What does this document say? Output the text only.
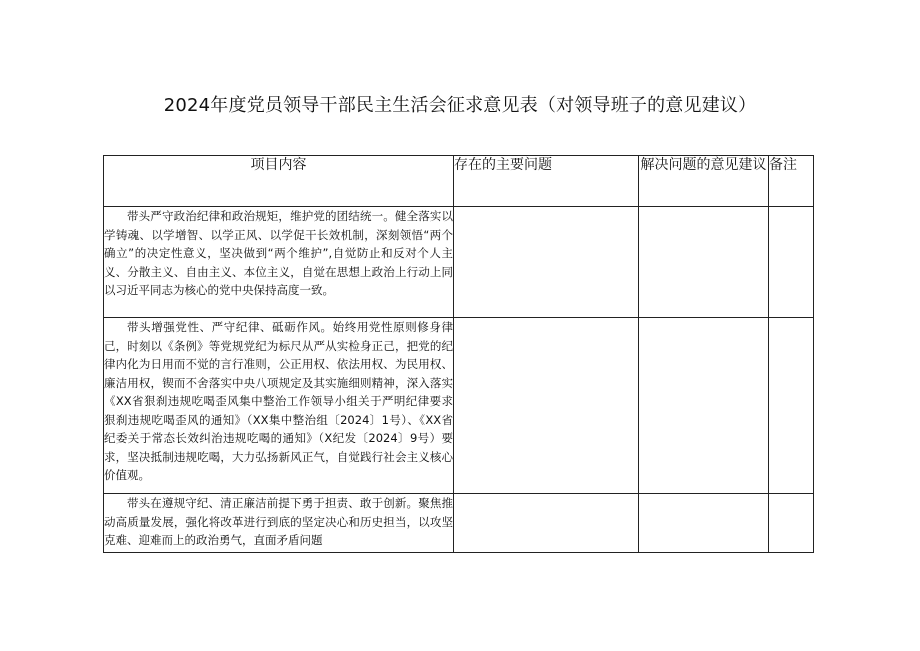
2024年度党员领导干部民主生活会征求意见表（对领导班子的意见建议）
项目内容	存在的主要问题	解决问题的意见建议	备注

带头严守政治纪律和政治规矩，维护党的团结统一。健全落实以学铸魂、以学增智、以学正风、以学促干长效机制，深刻领悟“两个确立”的决定性意义，坚决做到“两个维护”,自觉防止和反对个人主义、分散主义、自由主义、本位主义，自觉在思想上政治上行动上同以习近平同志为核心的党中央保持高度一致。			

带头增强党性、严守纪律、砥砺作风。始终用党性原则修身律己，时刻以《条例》等党规党纪为标尺从严从实检身正己，把党的纪律内化为日用而不觉的言行准则，公正用权、依法用权、为民用权、廉洁用权，锲而不舍落实中央八项规定及其实施细则精神，深入落实《XX省狠刹违规吃喝歪风集中整治工作领导小组关于严明纪律要求狠刹违规吃喝歪风的通知》（XX集中整治组〔2024〕1号）、《XX省纪委关于常态长效纠治违规吃喝的通知》（X纪发〔2024〕9号）要求，坚决抵制违规吃喝，大力弘扬新风正气，自觉践行社会主义核心价值观。			

带头在遵规守纪、清正廉洁前提下勇于担责、敢于创新。聚焦推动高质量发展，强化将改革进行到底的坚定决心和历史担当，以攻坚克难、迎难而上的政治勇气，直面矛盾问题			
